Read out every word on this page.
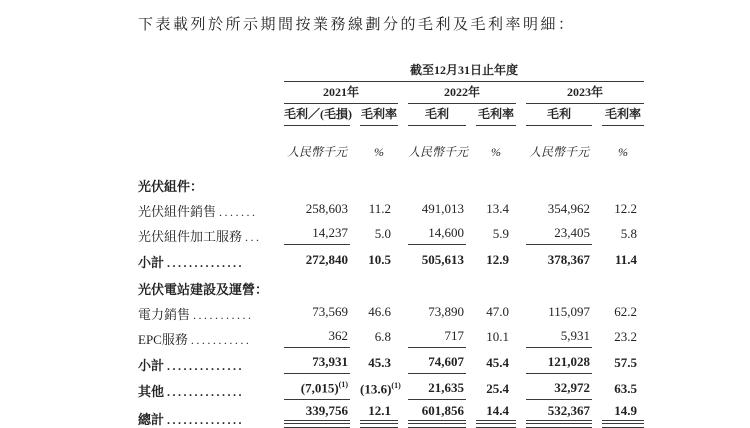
下表載列於所示期間按業務線劃分的毛利及毛利率明細：

	截至12月31日止年度					

	2021年		2022年		2023年	

	毛利／(毛損)	毛利率	毛利	毛利率	毛利	毛利率

	人民幣千元	%	人民幣千元	%	人民幣千元	%

光伏組件：						
光伏組件銷售 .......	258,603	11.2	491,013	13.4	354,962	12.2

光伏組件加工服務 ...	14,237	5.0	14,600	5.9	23,405	5.8

小計 ..............	272,840	10.5	505,613	12.9	378,367	11.4

光伏電站建設及運營：						
電力銷售 ...........	73,569	46.6	73,890	47.0	115,097	62.2

EPC服務 ...........	362	6.8	717	10.1	5,931	23.2

小計 ..............	73,931	45.3	74,607	45.4	121,028	57.5

其他 ..............	$(7,015)^{(1)}$	$(13.6)^{(1)}$	21,635	25.4	32,972	63.5

總計 ..............	339,756	12.1	601,856	14.4	532,367	14.9
